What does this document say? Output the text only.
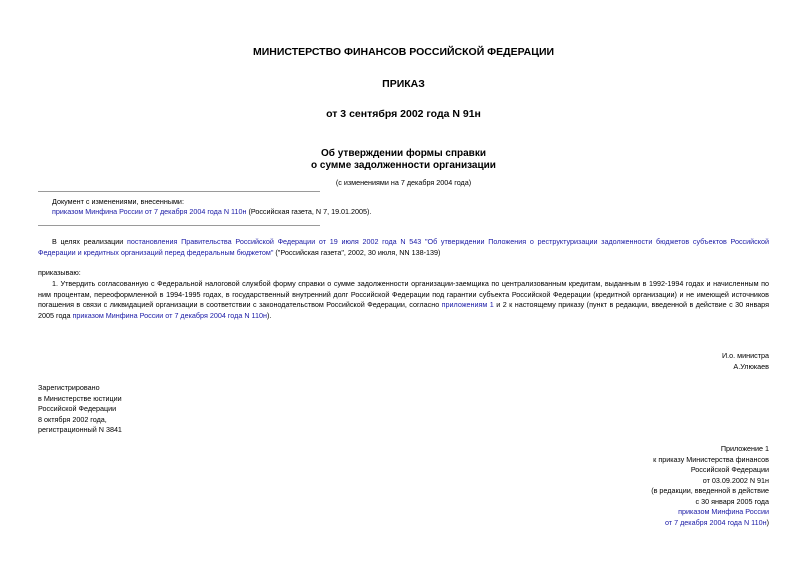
МИНИСТЕРСТВО ФИНАНСОВ РОССИЙСКОЙ ФЕДЕРАЦИИ
ПРИКАЗ
от 3 сентября 2002 года N 91н
Об утверждении формы справки
о сумме задолженности организации
(с изменениями на 7 декабря 2004 года)
Документ с изменениями, внесенными:
приказом Минфина России от 7 декабря 2004 года N 110н (Российская газета, N 7, 19.01.2005).
В целях реализации постановления Правительства Российской Федерации от 19 июля 2002 года N 543 "Об утверждении Положения о реструктуризации задолженности бюджетов субъектов Российской Федерации и кредитных организаций перед федеральным бюджетом" ("Российская газета", 2002, 30 июля, NN 138-139)
приказываю:
1. Утвердить согласованную с Федеральной налоговой службой форму справки о сумме задолженности организации-заемщика по централизованным кредитам, выданным в 1992-1994 годах и начисленным по ним процентам, переоформленной в 1994-1995 годах, в государственный внутренний долг Российской Федерации под гарантии субъекта Российской Федерации (кредитной организации) и не имеющей источников погашения в связи с ликвидацией организации в соответствии с законодательством Российской Федерации, согласно приложениям 1 и 2 к настоящему приказу (пункт в редакции, введенной в действие с 30 января 2005 года приказом Минфина России от 7 декабря 2004 года N 110н).
И.о. министра
А.Улюкаев
Зарегистрировано
в Министерстве юстиции
Российской Федерации
8 октября 2002 года,
регистрационный N 3841
Приложение 1
к приказу Министерства финансов
Российской Федерации
от 03.09.2002 N 91н
(в редакции, введенной в действие
с 30 января 2005 года
приказом Минфина России
от 7 декабря 2004 года N 110н)
